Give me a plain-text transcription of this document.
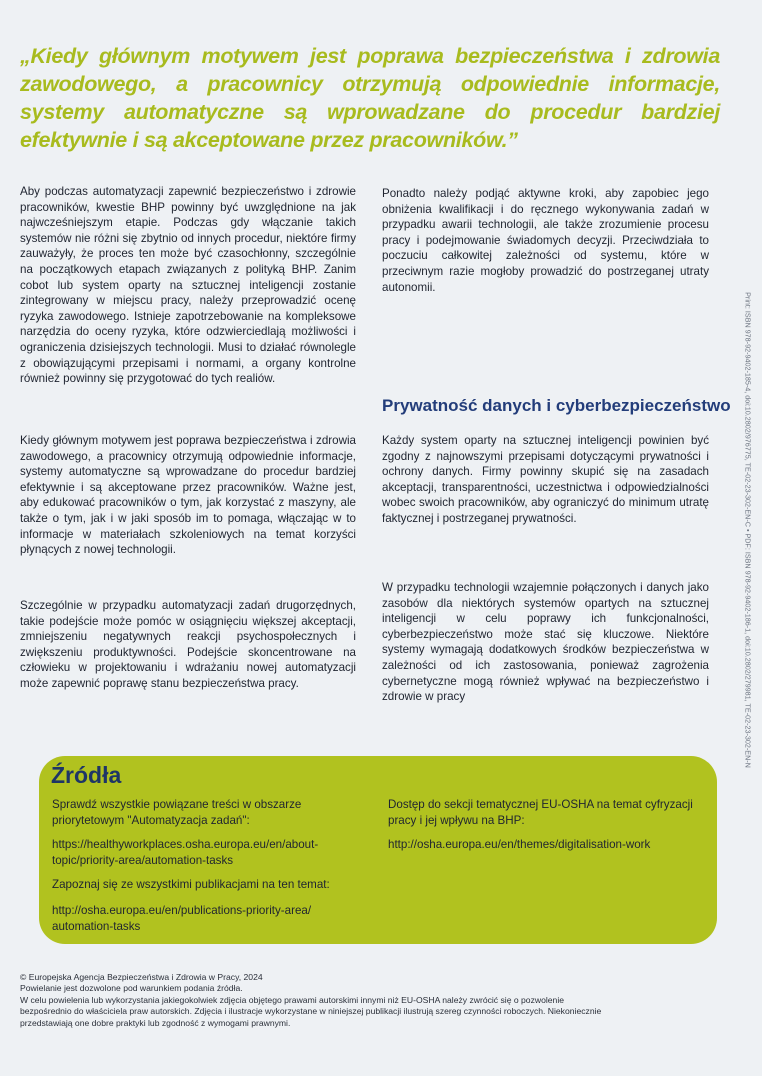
„Kiedy głównym motywem jest poprawa bezpieczeństwa i zdrowia zawodowego, a pracownicy otrzymują odpowiednie informacje, systemy automatyczne są wprowadzane do procedur bardziej efektywnie i są akceptowane przez pracowników.”

Aby podczas automatyzacji zapewnić bezpieczeństwo i zdrowie pracowników, kwestie BHP powinny być uwzględnione na jak najwcześniejszym etapie. Podczas gdy włączanie takich systemów nie różni się zbytnio od innych procedur, niektóre firmy zauważyły, że proces ten może być czasochłonny, szczególnie na początkowych etapach związanych z polityką BHP. Zanim cobot lub system oparty na sztucznej inteligencji zostanie zintegrowany w miejscu pracy, należy przeprowadzić ocenę ryzyka zawodowego. Istnieje zapotrzebowanie na kompleksowe narzędzia do oceny ryzyka, które odzwierciedlają możliwości i ograniczenia dzisiejszych technologii. Musi to działać równolegle z obowiązującymi przepisami i normami, a organy kontrolne również powinny się przygotować do tych realiów.

Kiedy głównym motywem jest poprawa bezpieczeństwa i zdrowia zawodowego, a pracownicy otrzymują odpowiednie informacje, systemy automatyczne są wprowadzane do procedur bardziej efektywnie i są akceptowane przez pracowników. Ważne jest, aby edukować pracowników o tym, jak korzystać z maszyny, ale także o tym, jak i w jaki sposób im to pomaga, włączając w to informacje w materiałach szkoleniowych na temat korzyści płynących z nowej technologii.

Szczególnie w przypadku automatyzacji zadań drugorzędnych, takie podejście może pomóc w osiągnięciu większej akceptacji, zmniejszeniu negatywnych reakcji psychospołecznych i zwiększeniu produktywności. Podejście skoncentrowane na człowieku w projektowaniu i wdrażaniu nowej automatyzacji może zapewnić poprawę stanu bezpieczeństwa pracy.

Ponadto należy podjąć aktywne kroki, aby zapobiec jego obniżenia kwalifikacji i do ręcznego wykonywania zadań w przypadku awarii technologii, ale także zrozumienie procesu pracy i podejmowanie świadomych decyzji. Przeciwdziała to poczuciu całkowitej zależności od systemu, które w przeciwnym razie mogłoby prowadzić do postrzeganej utraty autonomii.

Prywatność danych i cyberbezpieczeństwo

Każdy system oparty na sztucznej inteligencji powinien być zgodny z najnowszymi przepisami dotyczącymi prywatności i ochrony danych. Firmy powinny skupić się na zasadach akceptacji, transparentności, uczestnictwa i odpowiedzialności wobec swoich pracowników, aby ograniczyć do minimum utratę faktycznej i postrzeganej prywatności.

W przypadku technologii wzajemnie połączonych i danych jako zasobów dla niektórych systemów opartych na sztucznej inteligencji w celu poprawy ich funkcjonalności, cyberbezpieczeństwo może stać się kluczowe. Niektóre systemy wymagają dodatkowych środków bezpieczeństwa w zależności od ich zastosowania, ponieważ zagrożenia cybernetyczne mogą również wpływać na bezpieczeństwo i zdrowie w pracy	Print: ISBN 978-92-9402-185-4, doi:10.2802/976775, TE-02-23-302-EN-C • PDF: ISBN 978-92-9402-186-1, doi:10.2802/279981, TE-02-23-302-EN-N
Źródła

Sprawdź wszystkie powiązane treści w obszarze priorytetowym "Automatyzacja zadań":

https://healthyworkplaces.osha.europa.eu/en/about-

topic/priority-area/automation-tasks

Zapoznaj się ze wszystkimi publikacjami na ten temat:

http://osha.europa.eu/en/publications-priority-area/

automation-tasks

Dostęp do sekcji tematycznej EU-OSHA na temat cyfryzacji pracy i jej wpływu na BHP:

http://osha.europa.eu/en/themes/digitalisation-work

© Europejska Agencja Bezpieczeństwa i Zdrowia w Pracy, 2024

Powielanie jest dozwolone pod warunkiem podania źródła.

W celu powielenia lub wykorzystania jakiegokolwiek zdjęcia objętego prawami autorskimi innymi niż EU-OSHA należy zwrócić się o pozwolenie bezpośrednio do właściciela praw autorskich. Zdjęcia i ilustracje wykorzystane w niniejszej publikacji ilustrują szereg czynności roboczych. Niekoniecznie przedstawiają one dobre praktyki lub zgodność z wymogami prawnymi.
